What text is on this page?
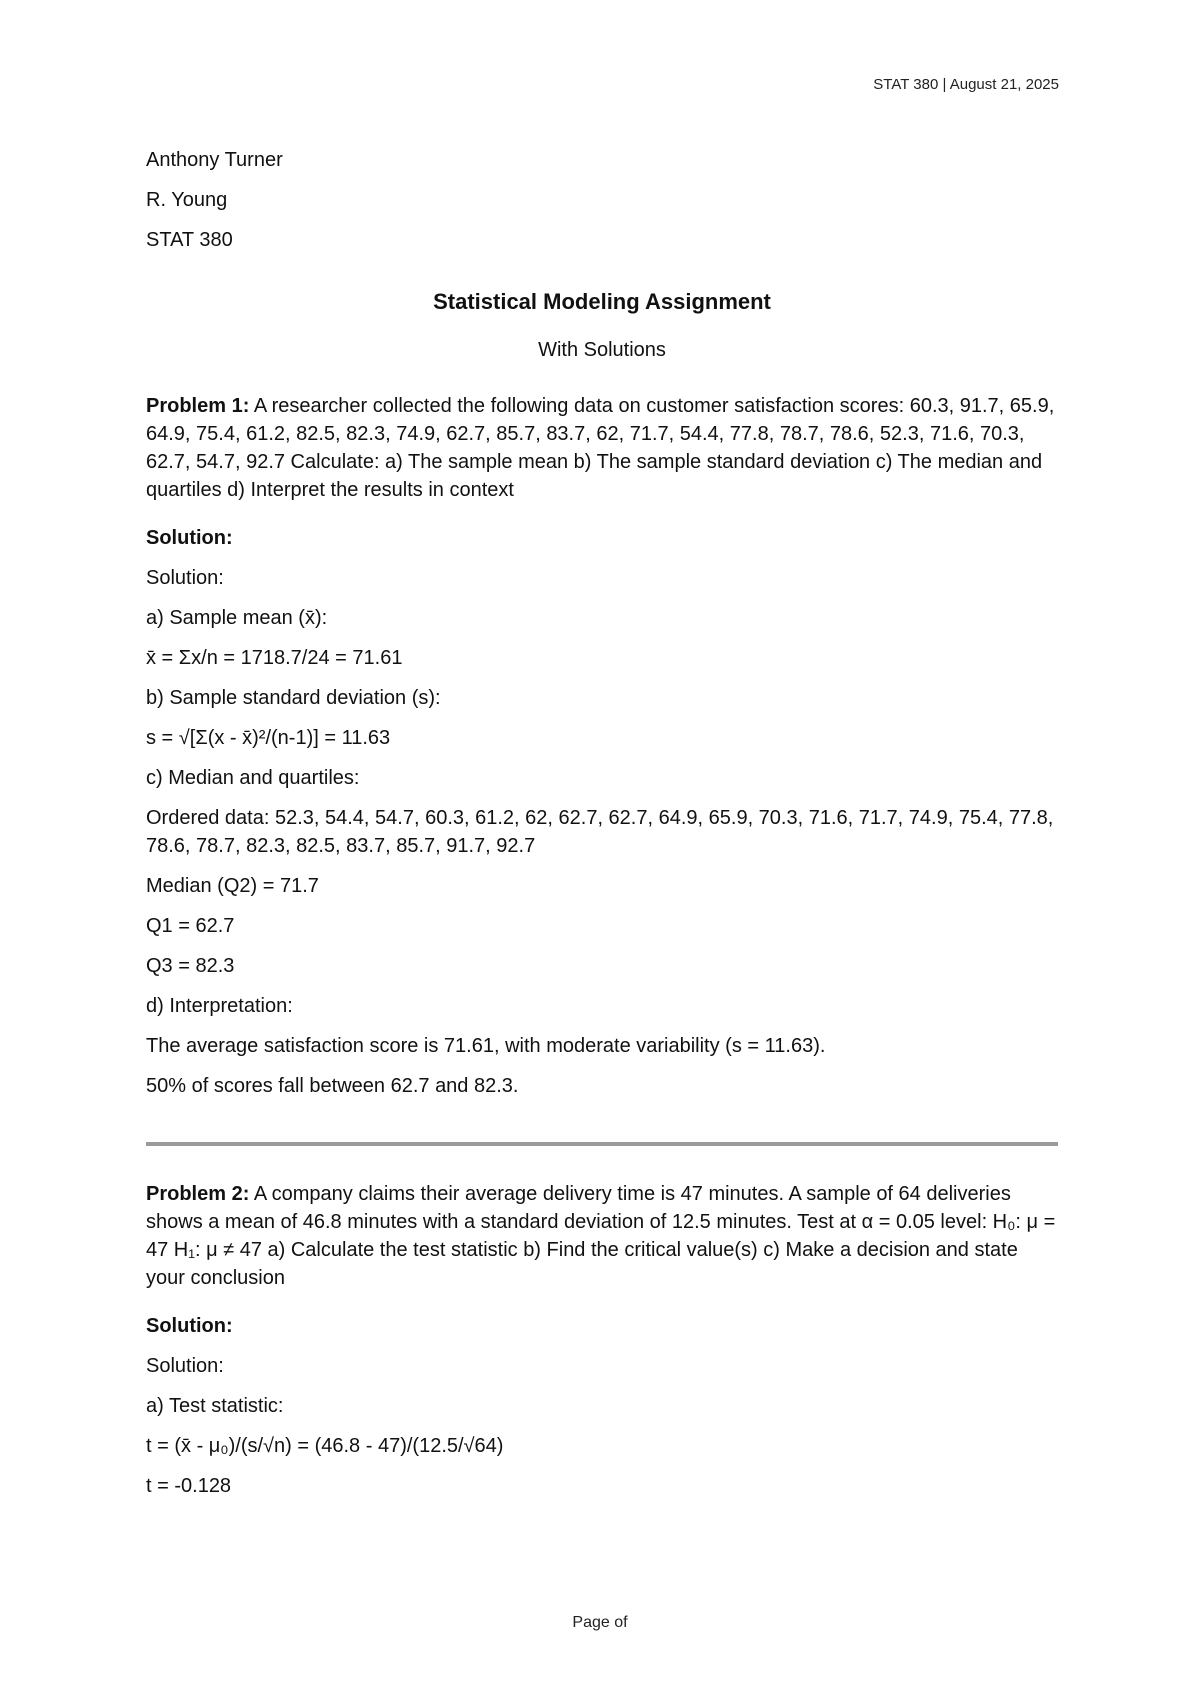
STAT 380 | August 21, 2025

Anthony Turner

R. Young

STAT 380

Statistical Modeling Assignment
With Solutions

Problem 1: A researcher collected the following data on customer satisfaction scores: 60.3, 91.7, 65.9, 64.9, 75.4, 61.2, 82.5, 82.3, 74.9, 62.7, 85.7, 83.7, 62, 71.7, 54.4, 77.8, 78.7, 78.6, 52.3, 71.6, 70.3, 62.7, 54.7, 92.7 Calculate: a) The sample mean b) The sample standard deviation c) The median and quartiles d) Interpret the results in context

Solution:

Solution:

a) Sample mean (x̄):

x̄ = Σx/n = 1718.7/24 = 71.61

b) Sample standard deviation (s):

s = √[Σ(x - x̄)²/(n-1)] = 11.63

c) Median and quartiles:

Ordered data: 52.3, 54.4, 54.7, 60.3, 61.2, 62, 62.7, 62.7, 64.9, 65.9, 70.3, 71.6, 71.7, 74.9, 75.4, 77.8, 78.6, 78.7, 82.3, 82.5, 83.7, 85.7, 91.7, 92.7

Median (Q2) = 71.7

Q1 = 62.7

Q3 = 82.3

d) Interpretation:

The average satisfaction score is 71.61, with moderate variability (s = 11.63).

50% of scores fall between 62.7 and 82.3.

Problem 2: A company claims their average delivery time is 47 minutes. A sample of 64 deliveries shows a mean of 46.8 minutes with a standard deviation of 12.5 minutes. Test at α = 0.05 level: H₀: μ = 47 H₁: μ ≠ 47 a) Calculate the test statistic b) Find the critical value(s) c) Make a decision and state your conclusion

Solution:

Solution:

a) Test statistic:

t = (x̄ - μ₀)/(s/√n) = (46.8 - 47)/(12.5/√64)

t = -0.128

Page of
